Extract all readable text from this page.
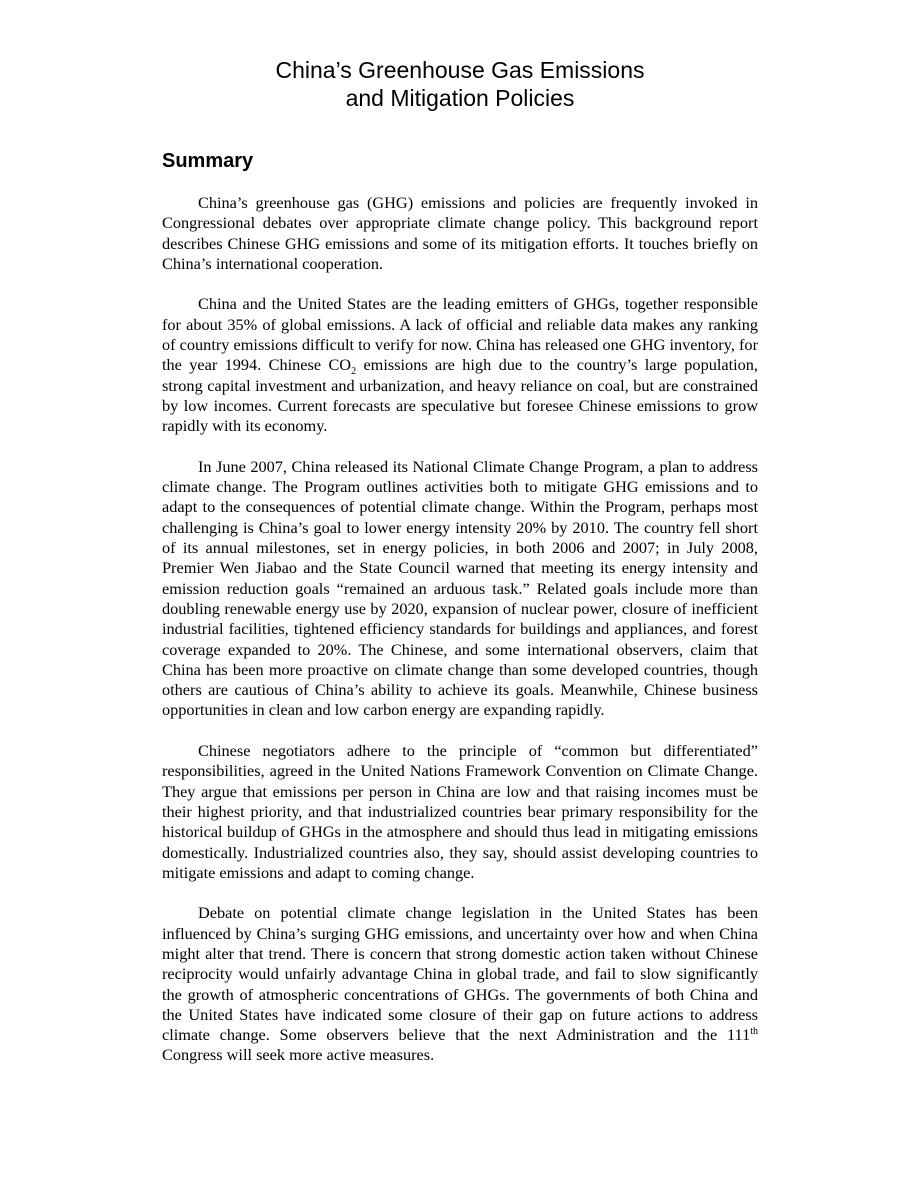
China’s Greenhouse Gas Emissions
and Mitigation Policies
Summary

China’s greenhouse gas (GHG) emissions and policies are frequently invoked in Congressional debates over appropriate climate change policy. This background report describes Chinese GHG emissions and some of its mitigation efforts. It touches briefly on China’s international cooperation.

China and the United States are the leading emitters of GHGs, together responsible for about 35% of global emissions. A lack of official and reliable data makes any ranking of country emissions difficult to verify for now. China has released one GHG inventory, for the year 1994. Chinese $CO_2$ emissions are high due to the country’s large population, strong capital investment and urbanization, and heavy reliance on coal, but are constrained by low incomes. Current forecasts are speculative but foresee Chinese emissions to grow rapidly with its economy.

In June 2007, China released its National Climate Change Program, a plan to address climate change. The Program outlines activities both to mitigate GHG emissions and to adapt to the consequences of potential climate change. Within the Program, perhaps most challenging is China’s goal to lower energy intensity 20% by 2010. The country fell short of its annual milestones, set in energy policies, in both 2006 and 2007; in July 2008, Premier Wen Jiabao and the State Council warned that meeting its energy intensity and emission reduction goals “remained an arduous task.” Related goals include more than doubling renewable energy use by 2020, expansion of nuclear power, closure of inefficient industrial facilities, tightened efficiency standards for buildings and appliances, and forest coverage expanded to 20%. The Chinese, and some international observers, claim that China has been more proactive on climate change than some developed countries, though others are cautious of China’s ability to achieve its goals. Meanwhile, Chinese business opportunities in clean and low carbon energy are expanding rapidly.

Chinese negotiators adhere to the principle of “common but differentiated” responsibilities, agreed in the United Nations Framework Convention on Climate Change. They argue that emissions per person in China are low and that raising incomes must be their highest priority, and that industrialized countries bear primary responsibility for the historical buildup of GHGs in the atmosphere and should thus lead in mitigating emissions domestically. Industrialized countries also, they say, should assist developing countries to mitigate emissions and adapt to coming change.

Debate on potential climate change legislation in the United States has been influenced by China’s surging GHG emissions, and uncertainty over how and when China might alter that trend. There is concern that strong domestic action taken without Chinese reciprocity would unfairly advantage China in global trade, and fail to slow significantly the growth of atmospheric concentrations of GHGs. The governments of both China and the United States have indicated some closure of their gap on future actions to address climate change. Some observers believe that the next Administration and the 111th Congress will seek more active measures.
